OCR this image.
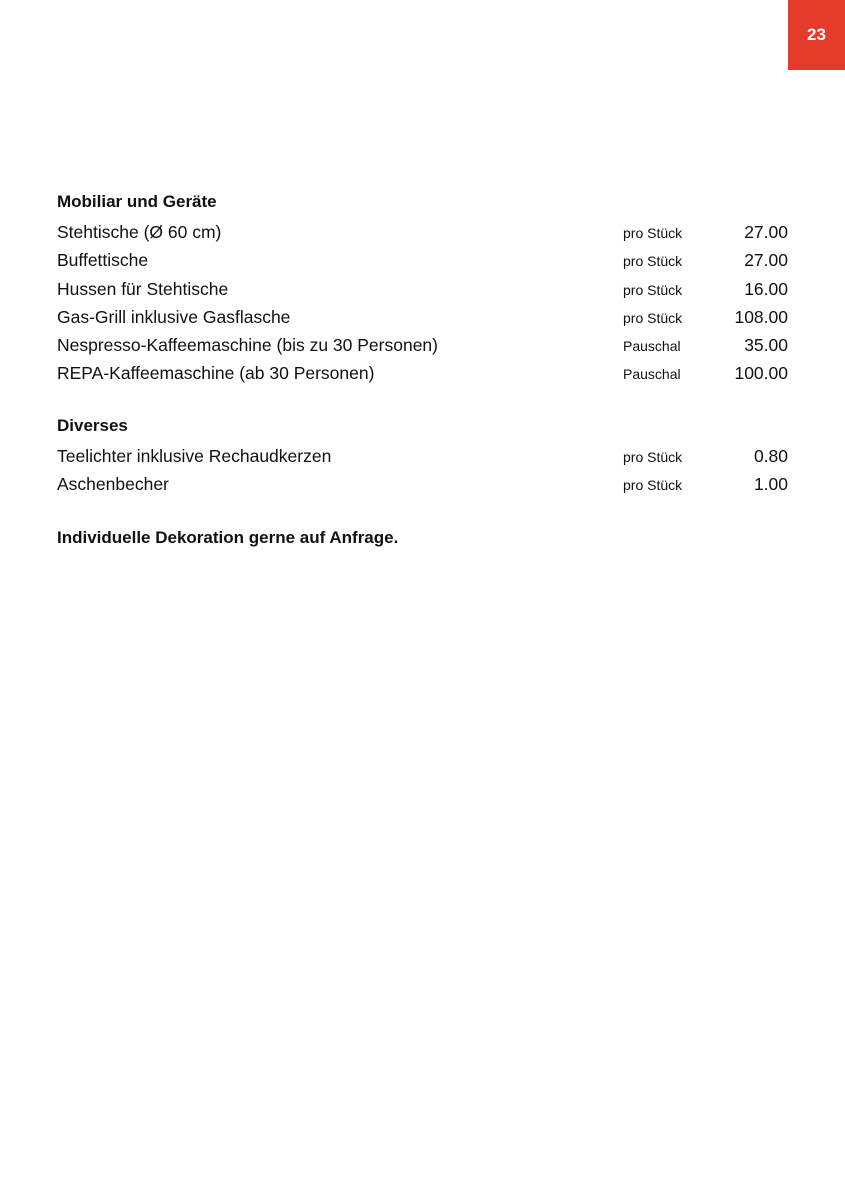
23
Mobiliar und Geräte
Stehtische (Ø 60 cm)	pro Stück	27.00
Buffettische	pro Stück	27.00
Hussen für Stehtische	pro Stück	16.00
Gas-Grill inklusive Gasflasche	pro Stück	108.00
Nespresso-Kaffeemaschine (bis zu 30 Personen)	Pauschal	35.00
REPA-Kaffeemaschine (ab 30 Personen)	Pauschal	100.00
Diverses
Teelichter inklusive Rechaudkerzen	pro Stück	0.80
Aschenbecher	pro Stück	1.00

Individuelle Dekoration gerne auf Anfrage.
